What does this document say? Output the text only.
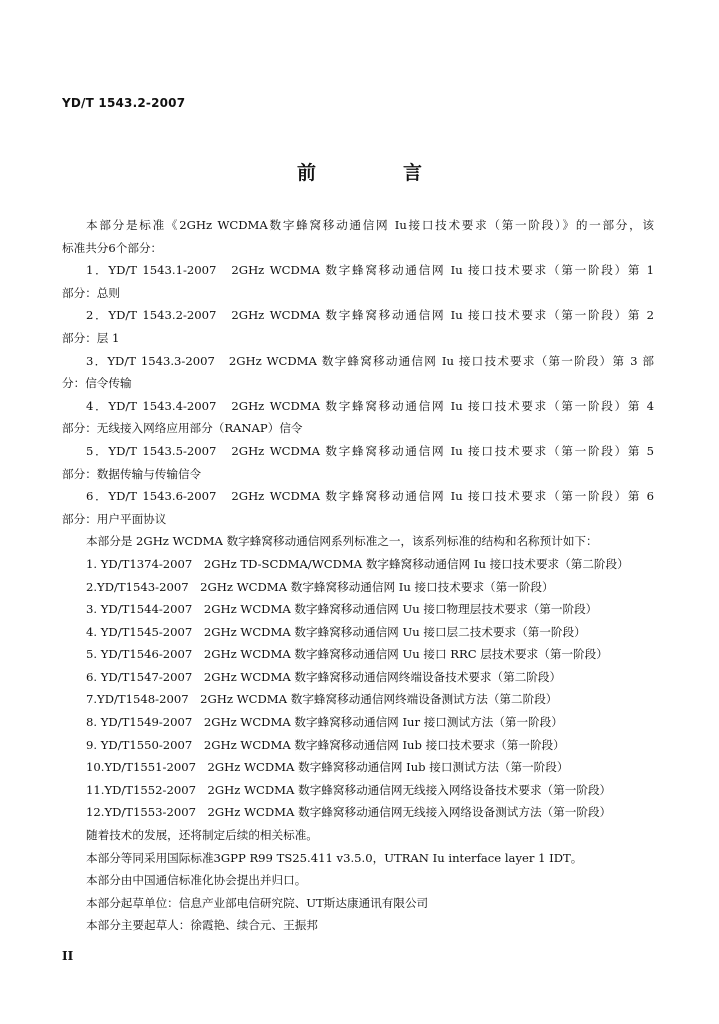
YD/T 1543.2-2007
前　言

本部分是标准《2GHz WCDMA数字蜂窝移动通信网 Iu接口技术要求（第一阶段）》的一部分，该

标准共分6个部分：

1．YD/T 1543.1-2007　2GHz WCDMA 数字蜂窝移动通信网 Iu 接口技术要求（第一阶段）第 1

部分：总则

2．YD/T 1543.2-2007　2GHz WCDMA 数字蜂窝移动通信网 Iu 接口技术要求（第一阶段）第 2

部分：层 1

3．YD/T 1543.3-2007　2GHz WCDMA 数字蜂窝移动通信网 Iu 接口技术要求（第一阶段）第 3 部

分：信令传输

4．YD/T 1543.4-2007　2GHz WCDMA 数字蜂窝移动通信网 Iu 接口技术要求（第一阶段）第 4

部分：无线接入网络应用部分（RANAP）信令

5．YD/T 1543.5-2007　2GHz WCDMA 数字蜂窝移动通信网 Iu 接口技术要求（第一阶段）第 5

部分：数据传输与传输信令

6．YD/T 1543.6-2007　2GHz WCDMA 数字蜂窝移动通信网 Iu 接口技术要求（第一阶段）第 6

部分：用户平面协议

本部分是 2GHz WCDMA 数字蜂窝移动通信网系列标准之一，该系列标准的结构和名称预计如下：

1. YD/T1374-2007　2GHz TD-SCDMA/WCDMA 数字蜂窝移动通信网 Iu 接口技术要求（第二阶段）

2.YD/T1543-2007　2GHz WCDMA 数字蜂窝移动通信网 Iu 接口技术要求（第一阶段）

3. YD/T1544-2007　2GHz WCDMA 数字蜂窝移动通信网 Uu 接口物理层技术要求（第一阶段）

4. YD/T1545-2007　2GHz WCDMA 数字蜂窝移动通信网 Uu 接口层二技术要求（第一阶段）

5. YD/T1546-2007　2GHz WCDMA 数字蜂窝移动通信网 Uu 接口 RRC 层技术要求（第一阶段）

6. YD/T1547-2007　2GHz WCDMA 数字蜂窝移动通信网终端设备技术要求（第二阶段）

7.YD/T1548-2007　2GHz WCDMA 数字蜂窝移动通信网终端设备测试方法（第二阶段）

8. YD/T1549-2007　2GHz WCDMA 数字蜂窝移动通信网 Iur 接口测试方法（第一阶段）

9. YD/T1550-2007　2GHz WCDMA 数字蜂窝移动通信网 Iub 接口技术要求（第一阶段）

10.YD/T1551-2007　2GHz WCDMA 数字蜂窝移动通信网 Iub 接口测试方法（第一阶段）

11.YD/T1552-2007　2GHz WCDMA 数字蜂窝移动通信网无线接入网络设备技术要求（第一阶段）

12.YD/T1553-2007　2GHz WCDMA 数字蜂窝移动通信网无线接入网络设备测试方法（第一阶段）

随着技术的发展，还将制定后续的相关标准。

本部分等同采用国际标准3GPP R99 TS25.411 v3.5.0，UTRAN Iu interface layer 1 IDT。

本部分由中国通信标准化协会提出并归口。

本部分起草单位：信息产业部电信研究院、UT斯达康通讯有限公司

本部分主要起草人：徐霞艳、续合元、王振邦

II
